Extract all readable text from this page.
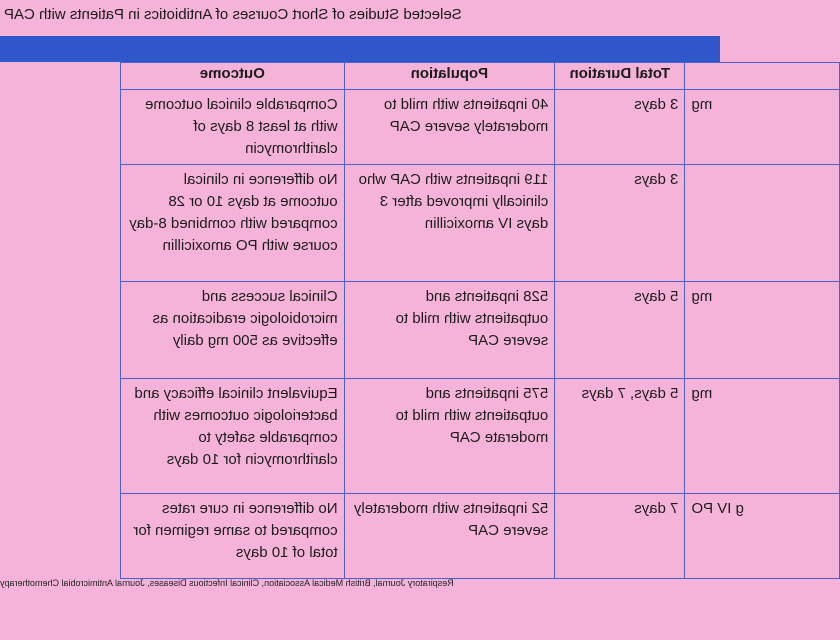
Selected Studies of Short Courses of Antibiotics in Patients with CAP
	Total Duration	Population	Outcome
mg	3 days	40 inpatients with mild to moderately severe CAP	Comparable clinical outcome with at least 8 days of clarithromycin
	3 days	119 inpatients with CAP who clinically improved after 3 days IV amoxicillin	No difference in clinical outcome at days 10 or 28 compared with combined 8-day course with PO amoxicillin
mg	5 days	528 inpatients and outpatients with mild to severe CAP	Clinical success and microbiologic eradication as effective as 500 mg daily
mg	5 days, 7 days	575 inpatients and outpatients with mild to moderate CAP	Equivalent clinical efficacy and bacteriologic outcomes with comparable safety to clarithromycin for 10 days
g IV PO	7 days	52 inpatients with moderately severe CAP	No difference in cure rates compared to same regimen for total of 10 days
Respiratory Journal, British Medical Association, Clinical Infectious Diseases, Journal Antimicrobial Chemotherapy
